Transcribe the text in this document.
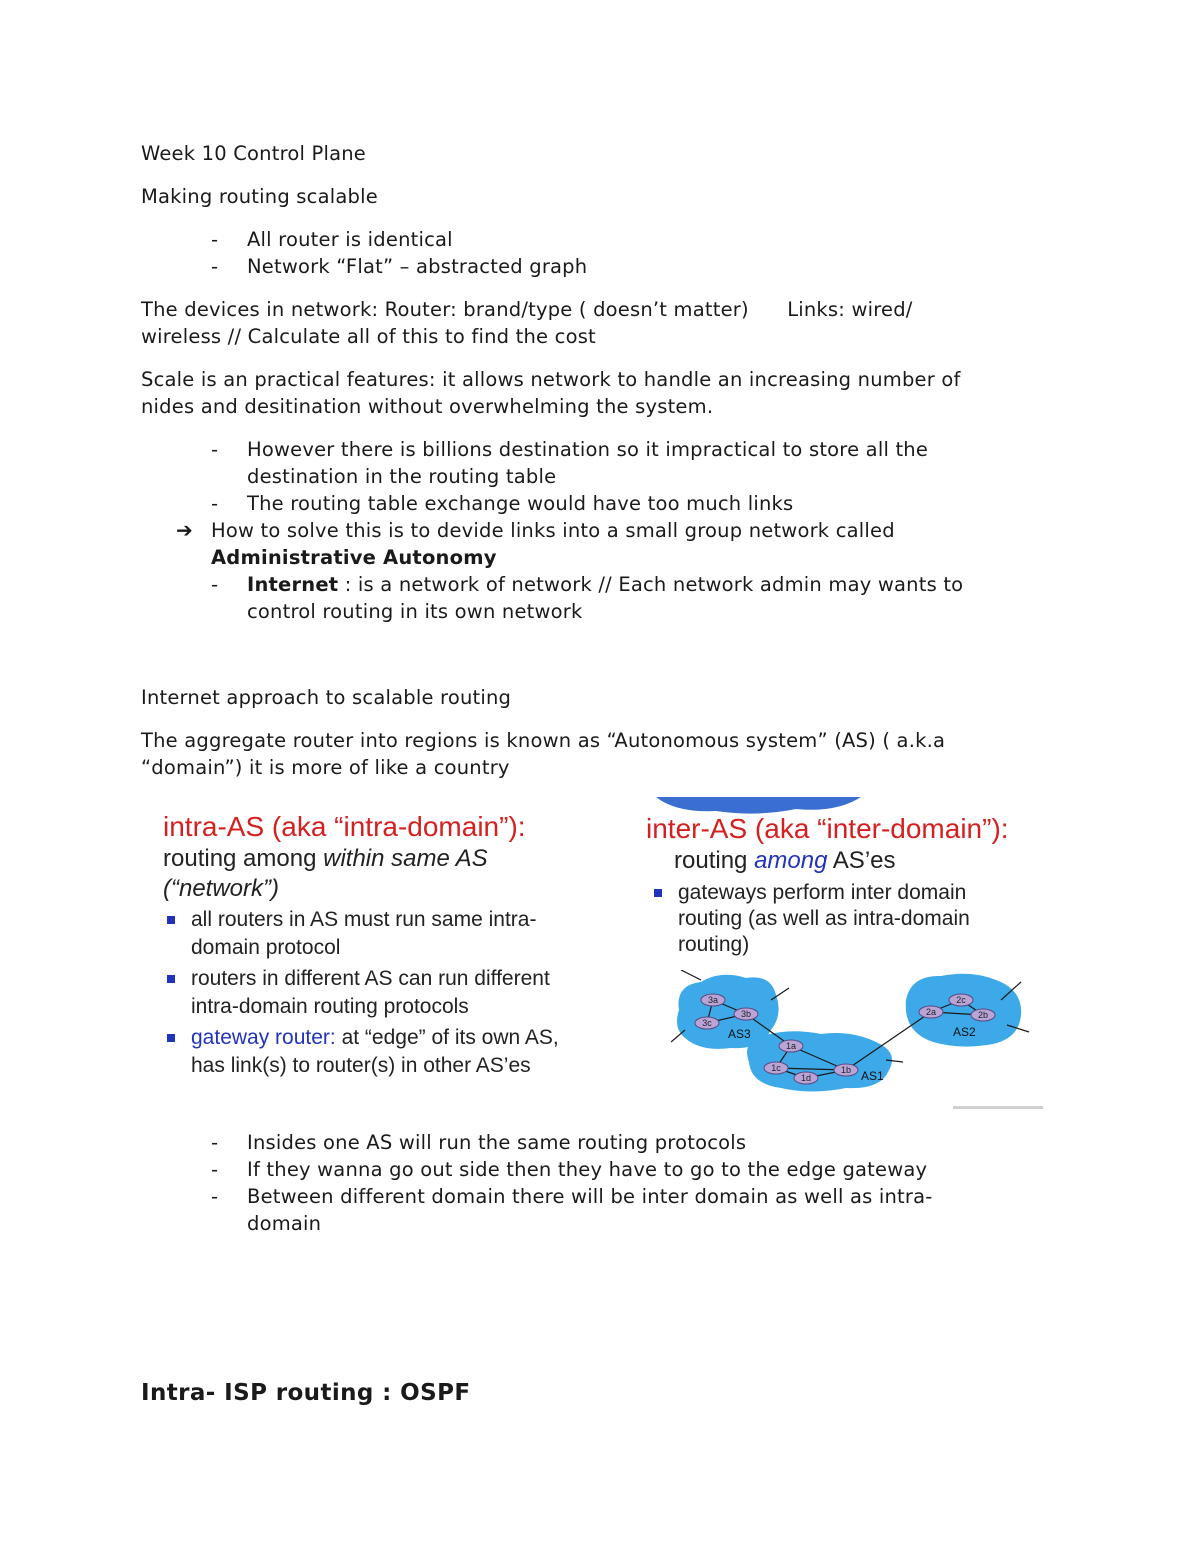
Week 10 Control Plane

Making routing scalable

-	All router is identical
-	Network “Flat” – abstracted graph

The devices in network: Router: brand/type ( doesn’t matter)      Links: wired/

wireless // Calculate all of this to find the cost

Scale is an practical features: it allows network to handle an increasing number of

nides and desitination without overwhelming the system.

-	However there is billions destination so it impractical to store all the
destination in the routing table
-	The routing table exchange would have too much links
➔ How to solve this is to devide links into a small group network called
Administrative Autonomy
-	Internet : is a network of network // Each network admin may wants to
control routing in its own network

Internet approach to scalable routing

The aggregate router into regions is known as “Autonomous system” (AS) ( a.k.a

“domain”) it is more of like a country

intra-AS (aka “intra-domain”):
routing among within same AS
(“network”)
all routers in AS must run same intra-
domain protocol
routers in different AS can run different
intra-domain routing protocols
gateway router: at “edge” of its own AS,
has link(s) to router(s) in other AS’es
inter-AS (aka “inter-domain”):
routing among AS’es
gateways perform inter domain
routing (as well as intra-domain
routing)
3a
3b
3c
1a
1b
1c
1d
2a	2b
2c
AS3
AS1
AS2
-	Insides one AS will run the same routing protocols
-	If they wanna go out side then they have to go to the edge gateway
-	Between different domain there will be inter domain as well as intra-
domain
Intra- ISP routing : OSPF
